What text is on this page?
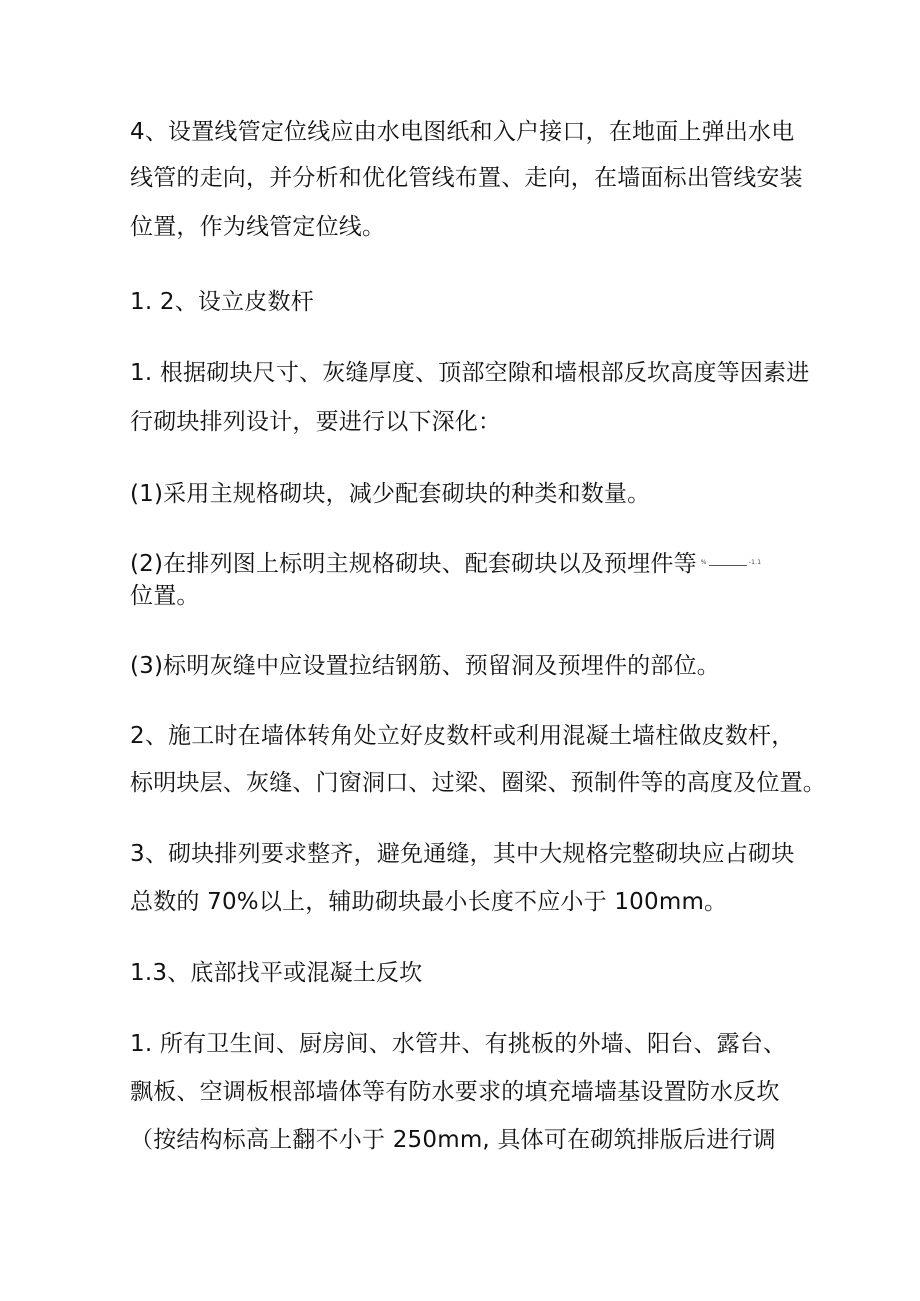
4、设置线管定位线应由水电图纸和入户接口，在地面上弹出水电
线管的走向，并分析和优化管线布置、走向，在墙面标出管线安装
位置，作为线管定位线。
1. 2、设立皮数杆
1. 根据砌块尺寸、灰缝厚度、顶部空隙和墙根部反坎高度等因素进
行砌块排列设计，要进行以下深化：
(1)采用主规格砌块，减少配套砌块的种类和数量。
(2)在排列图上标明主规格砌块、配套砌块以及预埋件等 %	-1.1
位置。
(3)标明灰缝中应设置拉结钢筋、预留洞及预埋件的部位。
2、施工时在墙体转角处立好皮数杆或利用混凝土墙柱做皮数杆，
标明块层、灰缝、门窗洞口、过梁、圈梁、预制件等的高度及位置。
3、砌块排列要求整齐，避免通缝，其中大规格完整砌块应占砌块
总数的 70%以上，辅助砌块最小长度不应小于 100mm。
1.3、底部找平或混凝土反坎
1. 所有卫生间、厨房间、水管井、有挑板的外墙、阳台、露台、
飘板、空调板根部墙体等有防水要求的填充墙墙基设置防水反坎
（按结构标高上翻不小于 250mm, 具体可在砌筑排版后进行调
